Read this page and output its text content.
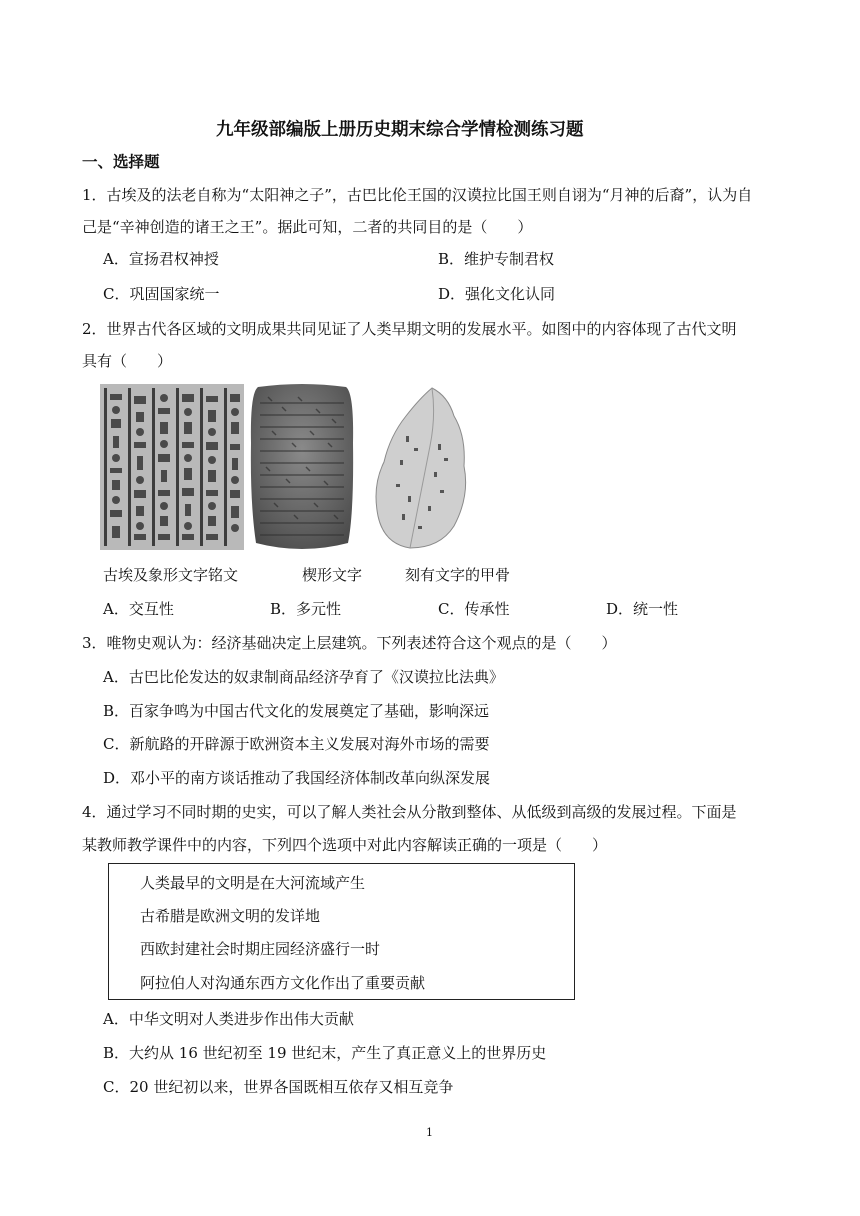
九年级部编版上册历史期末综合学情检测练习题
一、选择题
1．古埃及的法老自称为“太阳神之子”，古巴比伦王国的汉谟拉比国王则自诩为“月神的后裔”，认为自
己是“辛神创造的诸王之王”。据此可知，二者的共同目的是（　　）
A．宣扬君权神授	B．维护专制君权
C．巩固国家统一	D．强化文化认同
2．世界古代各区域的文明成果共同见证了人类早期文明的发展水平。如图中的内容体现了古代文明
具有（　　）
古埃及象形文字铭文	楔形文字	刻有文字的甲骨
A．交互性	B．多元性	C．传承性	D．统一性
3．唯物史观认为：经济基础决定上层建筑。下列表述符合这个观点的是（　　）
A．古巴比伦发达的奴隶制商品经济孕育了《汉谟拉比法典》
B．百家争鸣为中国古代文化的发展奠定了基础，影响深远
C．新航路的开辟源于欧洲资本主义发展对海外市场的需要
D．邓小平的南方谈话推动了我国经济体制改革向纵深发展
4．通过学习不同时期的史实，可以了解人类社会从分散到整体、从低级到高级的发展过程。下面是
某教师教学课件中的内容，下列四个选项中对此内容解读正确的一项是（　　）
人类最早的文明是在大河流域产生
古希腊是欧洲文明的发详地
西欧封建社会时期庄园经济盛行一时
阿拉伯人对沟通东西方文化作出了重要贡献
A．中华文明对人类进步作出伟大贡献
B．大约从 16 世纪初至 19 世纪末，产生了真正意义上的世界历史
C．20 世纪初以来，世界各国既相互依存又相互竞争
1
